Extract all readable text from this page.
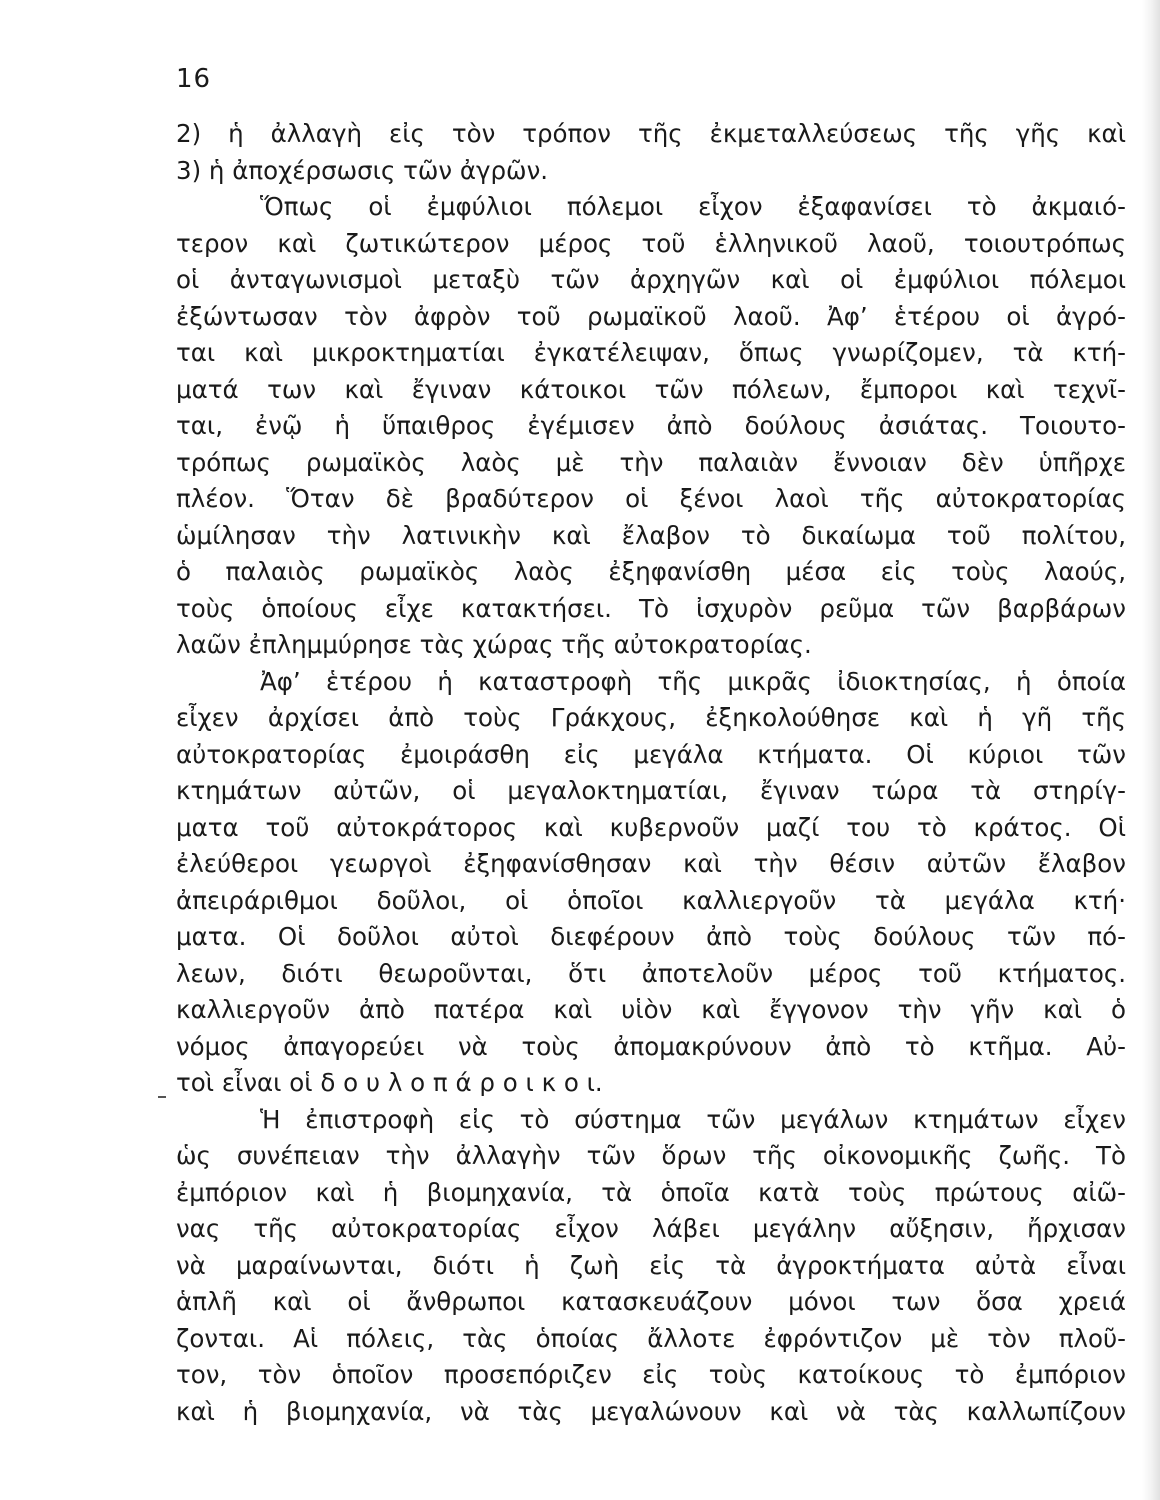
16
2) ἡ ἀλλαγὴ εἰς τὸν τρόπον τῆς ἐκμεταλλεύσεως τῆς γῆς καὶ
3) ἡ ἀποχέρσωσις τῶν ἀγρῶν.
Ὅπως οἱ ἐμφύλιοι πόλεμοι εἶχον ἐξαφανίσει τὸ ἀκμαιό-
τερον καὶ ζωτικώτερον μέρος τοῦ ἑλληνικοῦ λαοῦ, τοιουτρόπως
οἱ ἀνταγωνισμοὶ μεταξὺ τῶν ἀρχηγῶν καὶ οἱ ἐμφύλιοι πόλεμοι
ἐξώντωσαν τὸν ἀφρὸν τοῦ ρωμαϊκοῦ λαοῦ. Ἀφ’ ἑτέρου οἱ ἀγρό-
ται καὶ μικροκτηματίαι ἐγκατέλειψαν, ὅπως γνωρίζομεν, τὰ κτή-
ματά των καὶ ἔγιναν κάτοικοι τῶν πόλεων, ἔμποροι καὶ τεχνῖ-
ται, ἐνῷ ἡ ὕπαιθρος ἐγέμισεν ἀπὸ δούλους ἀσιάτας. Τοιουτο-
τρόπως ρωμαϊκὸς λαὸς μὲ τὴν παλαιὰν ἔννοιαν δὲν ὑπῆρχε
πλέον. Ὅταν δὲ βραδύτερον οἱ ξένοι λαοὶ τῆς αὐτοκρατορίας
ὡμίλησαν τὴν λατινικὴν καὶ ἔλαβον τὸ δικαίωμα τοῦ πολίτου,
ὁ παλαιὸς ρωμαϊκὸς λαὸς ἐξηφανίσθη μέσα εἰς τοὺς λαούς,
τοὺς ὁποίους εἶχε κατακτήσει. Τὸ ἰσχυρὸν ρεῦμα τῶν βαρβάρων
λαῶν ἐπλημμύρησε τὰς χώρας τῆς αὐτοκρατορίας.
Ἀφ’ ἑτέρου ἡ καταστροφὴ τῆς μικρᾶς ἰδιοκτησίας, ἡ ὁποία
εἶχεν ἀρχίσει ἀπὸ τοὺς Γράκχους, ἐξηκολούθησε καὶ ἡ γῆ τῆς
αὐτοκρατορίας ἐμοιράσθη εἰς μεγάλα κτήματα. Οἱ κύριοι τῶν
κτημάτων αὐτῶν, οἱ μεγαλοκτηματίαι, ἔγιναν τώρα τὰ στηρίγ-
ματα τοῦ αὐτοκράτορος καὶ κυβερνοῦν μαζί του τὸ κράτος. Οἱ
ἐλεύθεροι γεωργοὶ ἐξηφανίσθησαν καὶ τὴν θέσιν αὐτῶν ἔλαβον
ἀπειράριθμοι δοῦλοι, οἱ ὁποῖοι καλλιεργοῦν τὰ μεγάλα κτή·
ματα. Οἱ δοῦλοι αὐτοὶ διεφέρουν ἀπὸ τοὺς δούλους τῶν πό-
λεων, διότι θεωροῦνται, ὅτι ἀποτελοῦν μέρος τοῦ κτήματος.
καλλιεργοῦν ἀπὸ πατέρα καὶ υἱὸν καὶ ἔγγονον τὴν γῆν καὶ ὁ
νόμος ἀπαγορεύει νὰ τοὺς ἀπομακρύνουν ἀπὸ τὸ κτῆμα. Αὐ-
τοὶ εἶναι οἱ δ ο υ λ ο π ά ρ ο ι κ ο ι.
Ἡ ἐπιστροφὴ εἰς τὸ σύστημα τῶν μεγάλων κτημάτων εἶχεν
ὡς συνέπειαν τὴν ἀλλαγὴν τῶν ὅρων τῆς οἰκονομικῆς ζωῆς. Τὸ
ἐμπόριον καὶ ἡ βιομηχανία, τὰ ὁποῖα κατὰ τοὺς πρώτους αἰῶ-
νας τῆς αὐτοκρατορίας εἶχον λάβει μεγάλην αὔξησιν, ἤρχισαν
νὰ μαραίνωνται, διότι ἡ ζωὴ εἰς τὰ ἀγροκτήματα αὐτὰ εἶναι
ἁπλῆ καὶ οἱ ἄνθρωποι κατασκευάζουν μόνοι των ὅσα χρειά
ζονται. Αἱ πόλεις, τὰς ὁποίας ἄλλοτε ἐφρόντιζον μὲ τὸν πλοῦ-
τον, τὸν ὁποῖον προσεπόριζεν εἰς τοὺς κατοίκους τὸ ἐμπόριον
καὶ ἡ βιομηχανία, νὰ τὰς μεγαλώνουν καὶ νὰ τὰς καλλωπίζουν
